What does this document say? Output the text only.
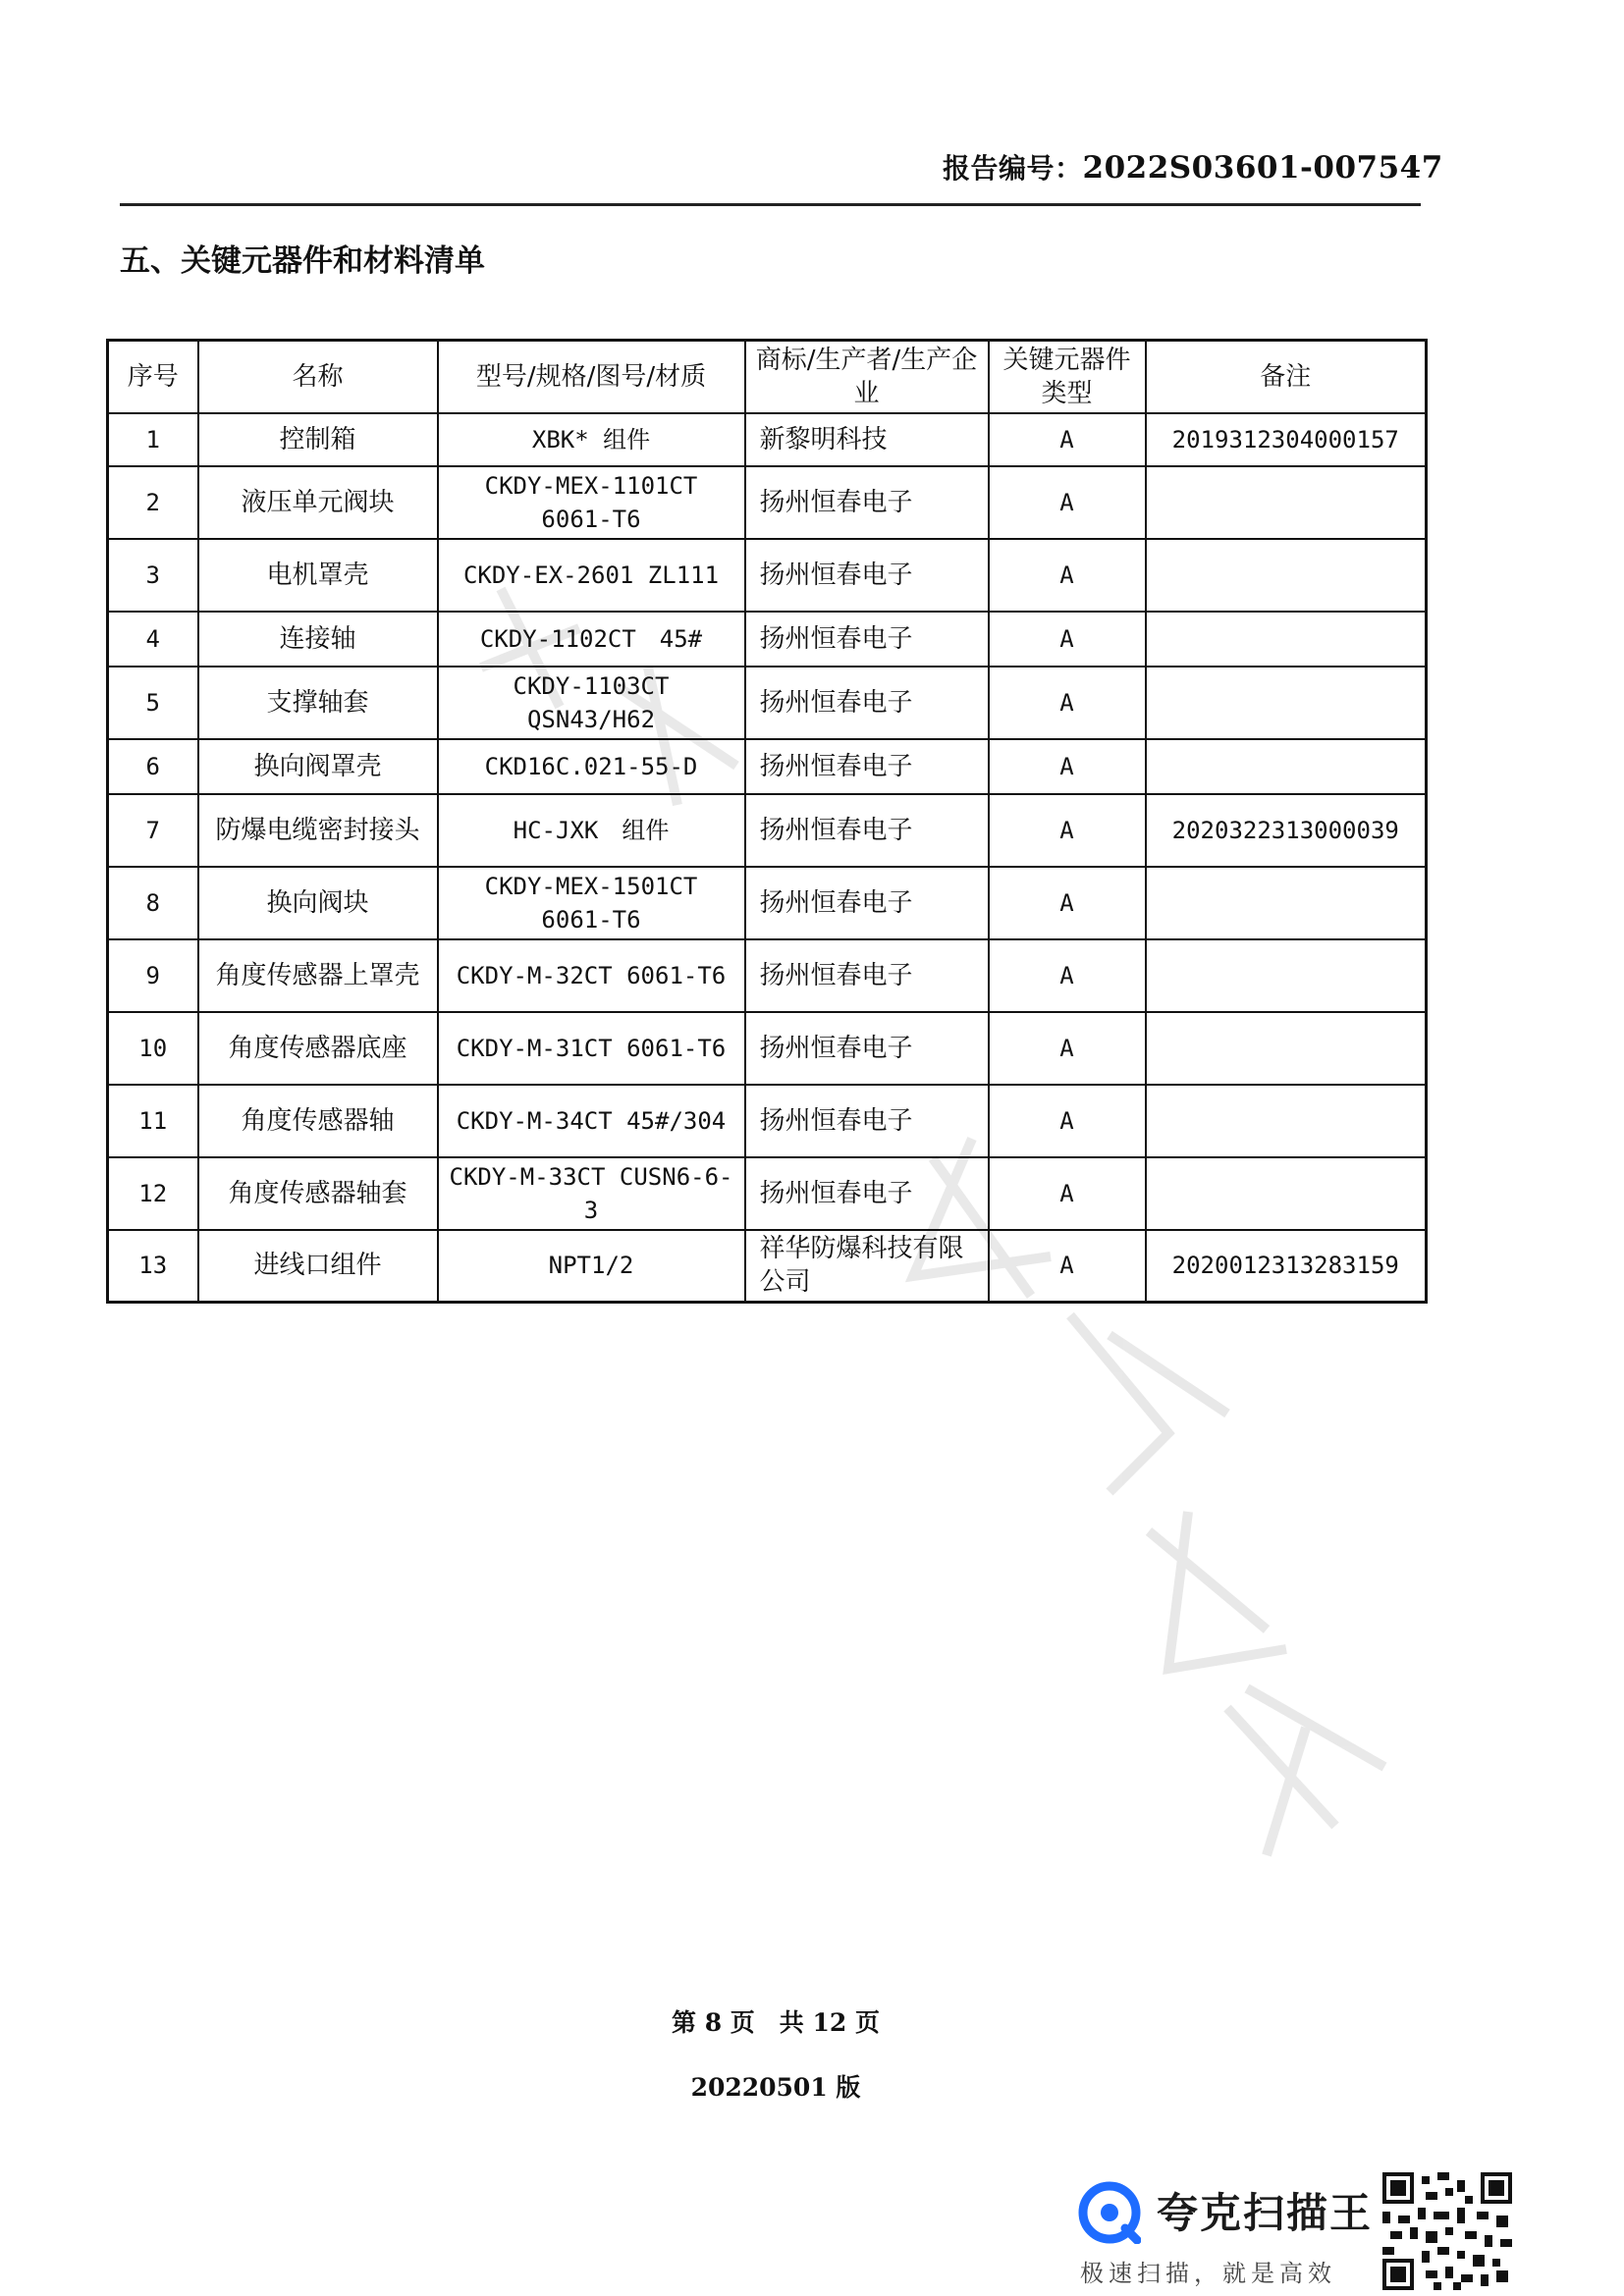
报告编号：2022S03601-007547
五、关键元器件和材料清单
序号	名称	型号/规格/图号/材质	商标/生产者/生产企业	关键元器件类型	备注
1	控制箱	XBK* 组件	新黎明科技	A	2019312304000157
2	液压单元阀块	CKDY-MEX-1101CT 6061-T6	扬州恒春电子	A	
3	电机罩壳	CKDY-EX-2601 ZL111	扬州恒春电子	A	
4	连接轴	CKDY-1102CT　45#	扬州恒春电子	A	
5	支撑轴套	CKDY-1103CT QSN43/H62	扬州恒春电子	A	
6	换向阀罩壳	CKD16C.021-55-D	扬州恒春电子	A	
7	防爆电缆密封接头	HC-JXK　组件	扬州恒春电子	A	2020322313000039
8	换向阀块	CKDY-MEX-1501CT 6061-T6	扬州恒春电子	A	
9	角度传感器上罩壳	CKDY-M-32CT 6061-T6	扬州恒春电子	A	
10	角度传感器底座	CKDY-M-31CT 6061-T6	扬州恒春电子	A	
11	角度传感器轴	CKDY-M-34CT 45#/304	扬州恒春电子	A	
12	角度传感器轴套	CKDY-M-33CT CUSN6-6-3	扬州恒春电子	A	
13	进线口组件	NPT1/2	祥华防爆科技有限公司	A	2020012313283159
第 8 页　共 12 页
20220501 版
夸克扫描王
极速扫描，就是高效
